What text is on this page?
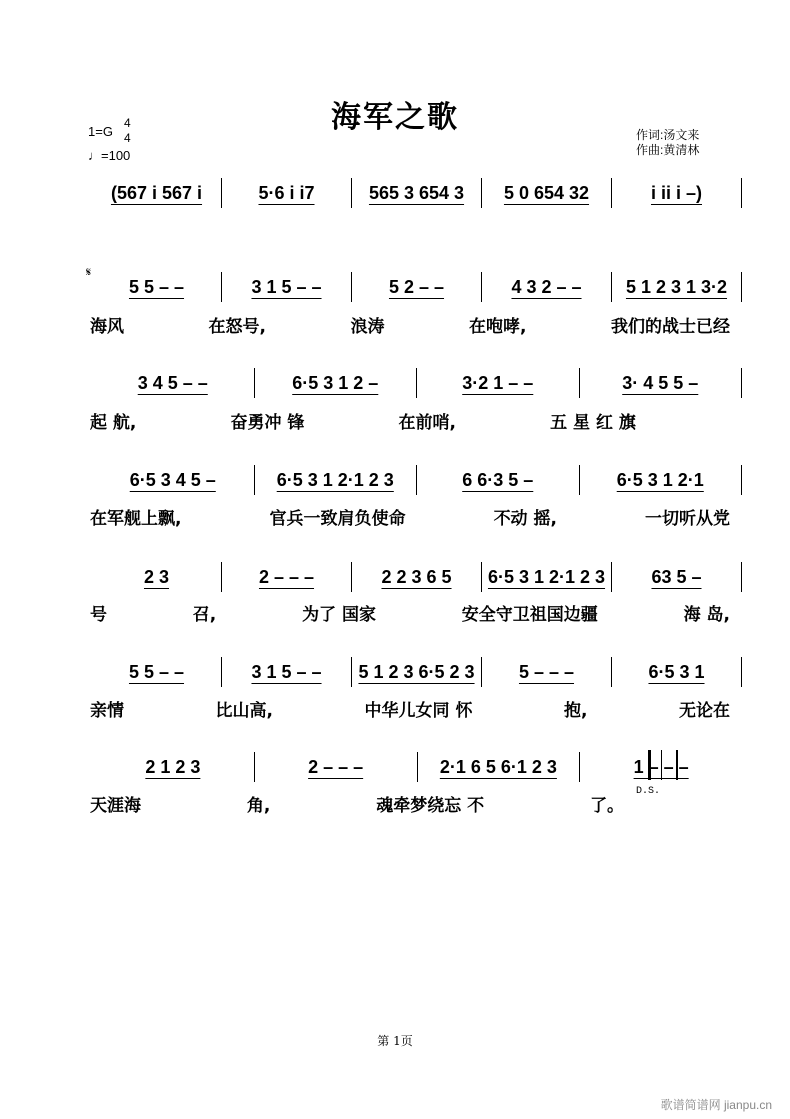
海军之歌
1=G
4
4
♩=100
作词:汤文来
作曲:黄清林
𝄋
(567 i 567 i	5·6 i i7	565 3 654 3	5 0 654 32	i ii i –)
5 5 – –	3 1 5 – –	5 2 – –	4 3 2 – –	5 1 2 3 1 3·2
海风	在怒号,	浪涛	在咆哮,	我们的战士已经
3 4 5 – –	6·5 3 1 2 –	3·2 1 – –	3· 4 5 5 –
起 航,	奋勇冲 锋	在前哨,	五 星 红 旗
6·5 3 4 5 –	6·5 3 1 2·1 2 3	6 6·3 5 –	6·5 3 1 2·1
在军舰上飘,	官兵一致肩负使命	不动 摇,	一切听从党
2 3	2 – – –	2 2 3 6 5	6·5 3 1 2·1 2 3	63 5 –
号	召,	为了 国家	安全守卫祖国边疆	海 岛,
5 5 – –	3 1 5 – –	5 1 2 3 6·5 2 3	5 – – –	6·5 3 1
亲情	比山高,	中华儿女同 怀	抱,	无论在
2 1 2 3	2 – – –	2·1 6 5 6·1 2 3	1 – – –
天涯海	角,	魂牵梦绕忘 不	了。
D.S.
第 1页
歌谱简谱网 jianpu.cn
